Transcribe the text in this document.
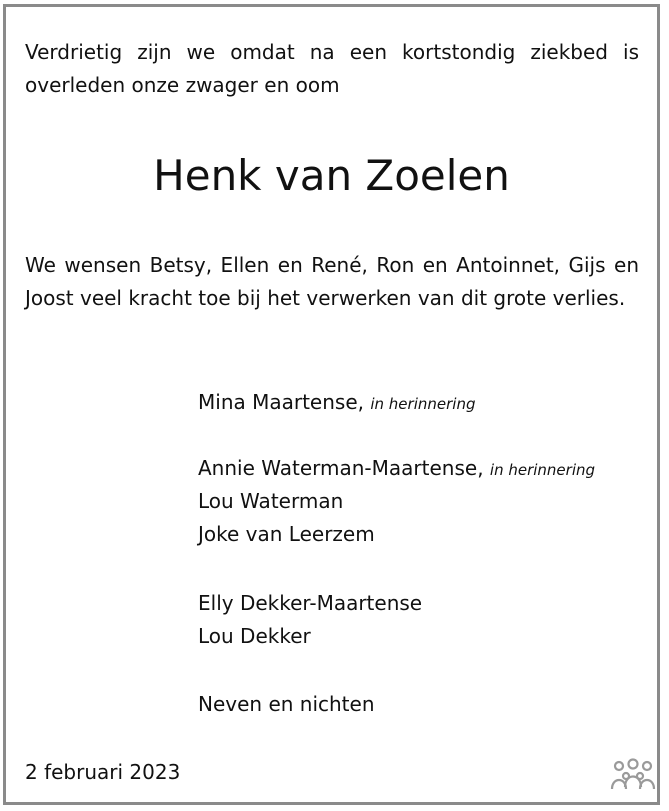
Verdrietig zijn we omdat na een kortstondig ziekbed is overleden onze zwager en oom

Henk van Zoelen

We wensen Betsy, Ellen en René, Ron en Antoinnet, Gijs en Joost veel kracht toe bij het verwerken van dit grote verlies.

Mina Maartense, in herinnering
Annie Waterman-Maartense, in herinnering
Lou Waterman
Joke van Leerzem
Elly Dekker-Maartense
Lou Dekker
Neven en nichten
2 februari 2023
